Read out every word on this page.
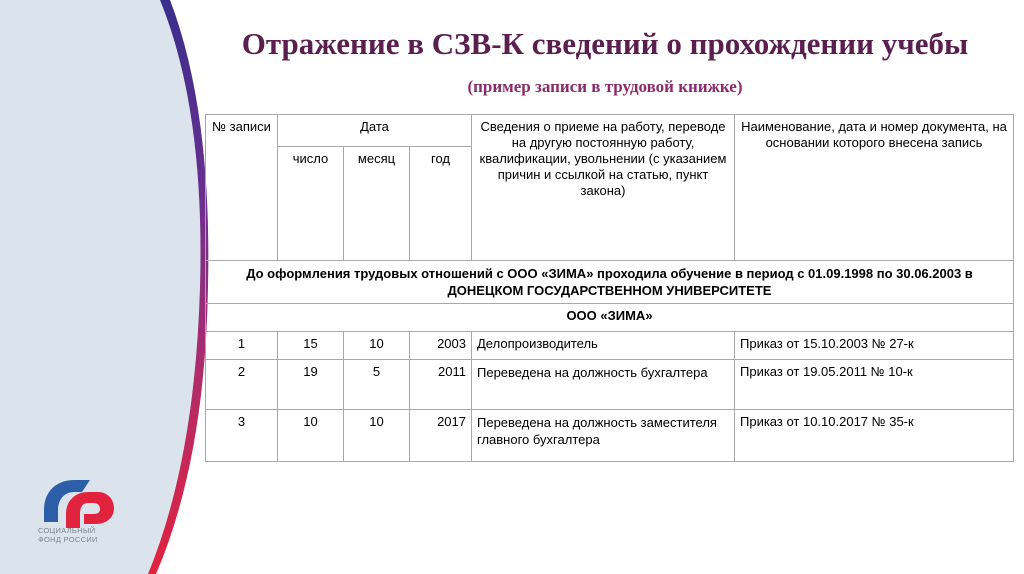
СОЦИАЛЬНЫЙ
ФОНД РОССИИ
Отражение в СЗВ-К сведений о прохождении учебы
(пример записи в трудовой книжке)
№ записи	Дата			Сведения о приеме на работу, переводе на другую постоянную работу, квалификации, увольнении (с указанием причин и ссылкой на статью, пункт закона)	Наименование, дата и номер документа, на основании которого внесена запись
	число	месяц	год		
До оформления трудовых отношений с ООО «ЗИМА» проходила обучение в период с 01.09.1998 по 30.06.2003 в ДОНЕЦКОМ ГОСУДАРСТВЕННОМ УНИВЕРСИТЕТЕ					
ООО «ЗИМА»					
1	15	10	2003	Делопроизводитель	Приказ от 15.10.2003 № 27-к
2	19	5	2011	Переведена на должность бухгалтера	Приказ от 19.05.2011 № 10-к
3	10	10	2017	Переведена на должность заместителя главного бухгалтера	Приказ от 10.10.2017 № 35-к
